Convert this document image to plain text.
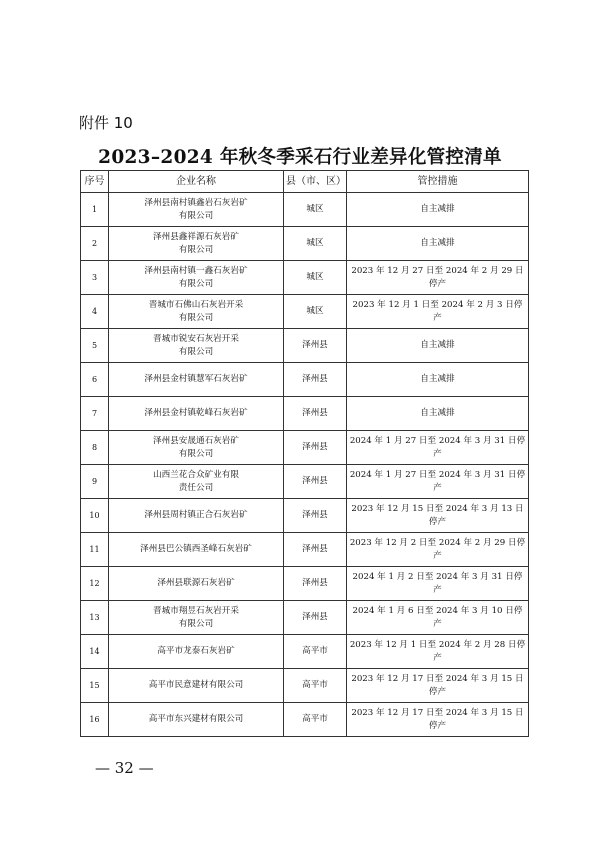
附件 10
2023–2024 年秋冬季采石行业差异化管控清单
序号	企业名称	县（市、区）	管控措施
1	泽州县南村镇鑫岩石灰岩矿
有限公司	城区	自主减排
2	泽州县鑫祥源石灰岩矿
有限公司	城区	自主减排
3	泽州县南村镇一鑫石灰岩矿
有限公司	城区	2023 年 12 月 27 日至 2024 年 2 月 29 日停产
4	晋城市石佛山石灰岩开采
有限公司	城区	2023 年 12 月 1 日至 2024 年 2 月 3 日停产
5	晋城市锐安石灰岩开采
有限公司	泽州县	自主减排
6	泽州县金村镇慧军石灰岩矿	泽州县	自主减排
7	泽州县金村镇乾峰石灰岩矿	泽州县	自主减排
8	泽州县安晟通石灰岩矿
有限公司	泽州县	2024 年 1 月 27 日至 2024 年 3 月 31 日停产
9	山西兰花合众矿业有限
责任公司	泽州县	2024 年 1 月 27 日至 2024 年 3 月 31 日停产
10	泽州县周村镇正合石灰岩矿	泽州县	2023 年 12 月 15 日至 2024 年 3 月 13 日停产
11	泽州县巴公镇西圣峰石灰岩矿	泽州县	2023 年 12 月 2 日至 2024 年 2 月 29 日停产
12	泽州县联源石灰岩矿	泽州县	2024 年 1 月 2 日至 2024 年 3 月 31 日停产
13	晋城市翔昱石灰岩开采
有限公司	泽州县	2024 年 1 月 6 日至 2024 年 3 月 10 日停产
14	高平市龙泰石灰岩矿	高平市	2023 年 12 月 1 日至 2024 年 2 月 28 日停产
15	高平市民意建材有限公司	高平市	2023 年 12 月 17 日至 2024 年 3 月 15 日停产
16	高平市东兴建材有限公司	高平市	2023 年 12 月 17 日至 2024 年 3 月 15 日停产
— 32 —
